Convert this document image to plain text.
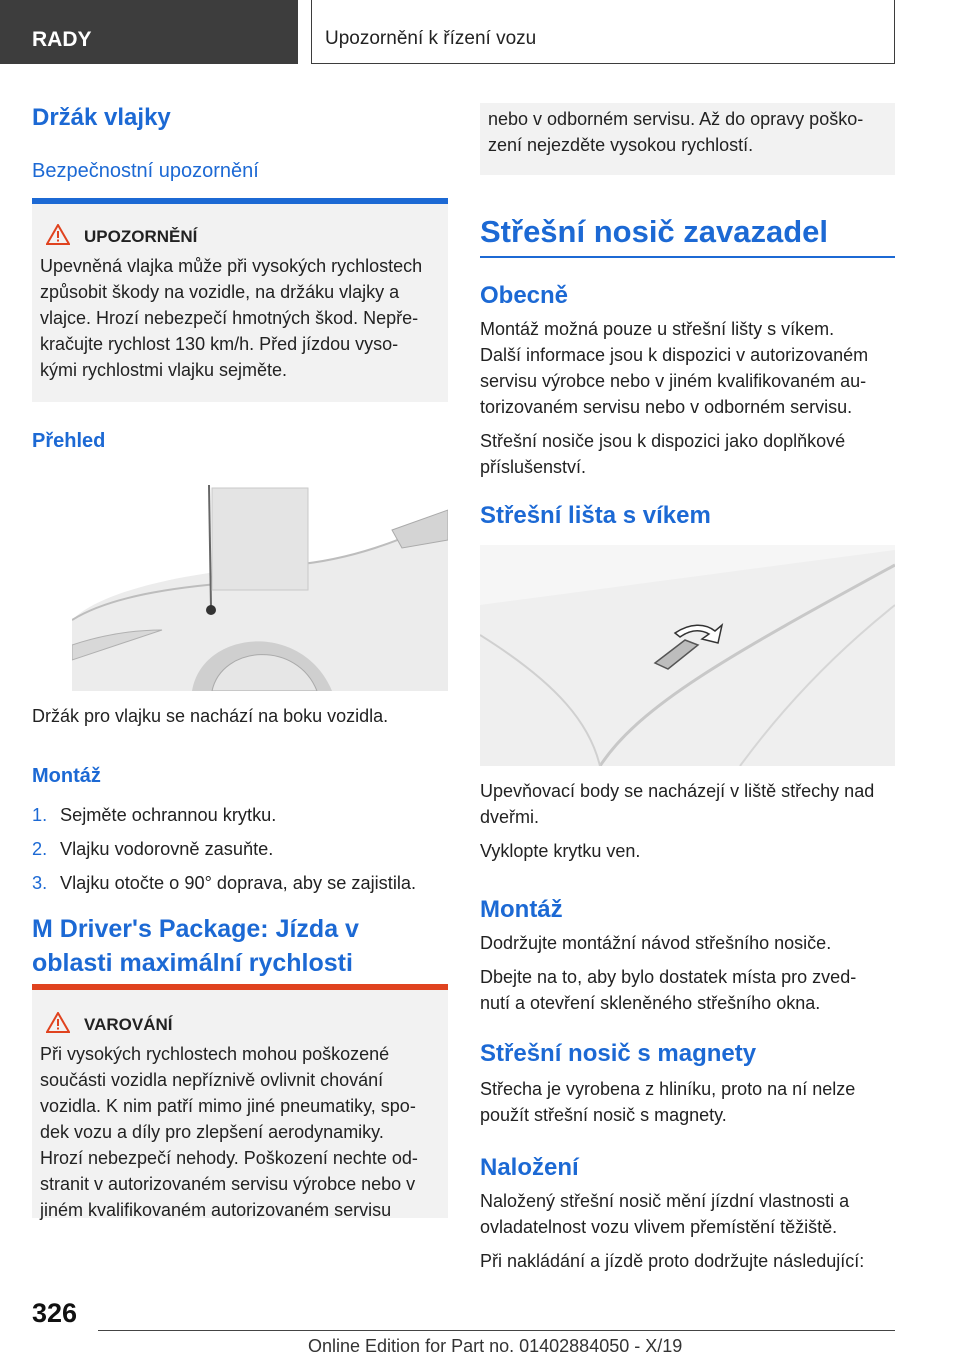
RADY	Upozornění k řízení vozu
Držák vlajky
Bezpečnostní upozornění
UPOZORNĚNÍ

Upevněná vlajka může při vysokých rychlostech

způsobit škody na vozidle, na držáku vlajky a

vlajce. Hrozí nebezpečí hmotných škod. Nepře-

kračujte rychlost 130 km/h. Před jízdou vyso-

kými rychlostmi vlajku sejměte.

Přehled
Držák pro vlajku se nachází na boku vozidla.
Montáž
1. Sejměte ochrannou krytku.
2. Vlajku vodorovně zasuňte.
3. Vlajku otočte o 90° doprava, aby se zajistila.
M Driver's Package: Jízda v
oblasti maximální rychlosti
VAROVÁNÍ

Při vysokých rychlostech mohou poškozené

součásti vozidla nepříznivě ovlivnit chování

vozidla. K nim patří mimo jiné pneumatiky, spo-

dek vozu a díly pro zlepšení aerodynamiky.

Hrozí nebezpečí nehody. Poškození nechte od-

stranit v autorizovaném servisu výrobce nebo v

jiném kvalifikovaném autorizovaném servisu

nebo v odborném servisu. Až do opravy poško-

zení nejezděte vysokou rychlostí.

Střešní nosič zavazadel
Obecně

Montáž možná pouze u střešní lišty s víkem.

Další informace jsou k dispozici v autorizovaném

servisu výrobce nebo v jiném kvalifikovaném au-

torizovaném servisu nebo v odborném servisu.

Střešní nosiče jsou k dispozici jako doplňkové

příslušenství.

Střešní lišta s víkem

Upevňovací body se nacházejí v liště střechy nad

dveřmi.

Vyklopte krytku ven.

Montáž

Dodržujte montážní návod střešního nosiče.

Dbejte na to, aby bylo dostatek místa pro zved-

nutí a otevření skleněného střešního okna.

Střešní nosič s magnety

Střecha je vyrobena z hliníku, proto na ní nelze

použít střešní nosič s magnety.

Naložení

Naložený střešní nosič mění jízdní vlastnosti a

ovladatelnost vozu vlivem přemístění těžiště.

Při nakládání a jízdě proto dodržujte následující:

326
Online Edition for Part no. 01402884050 - X/19
